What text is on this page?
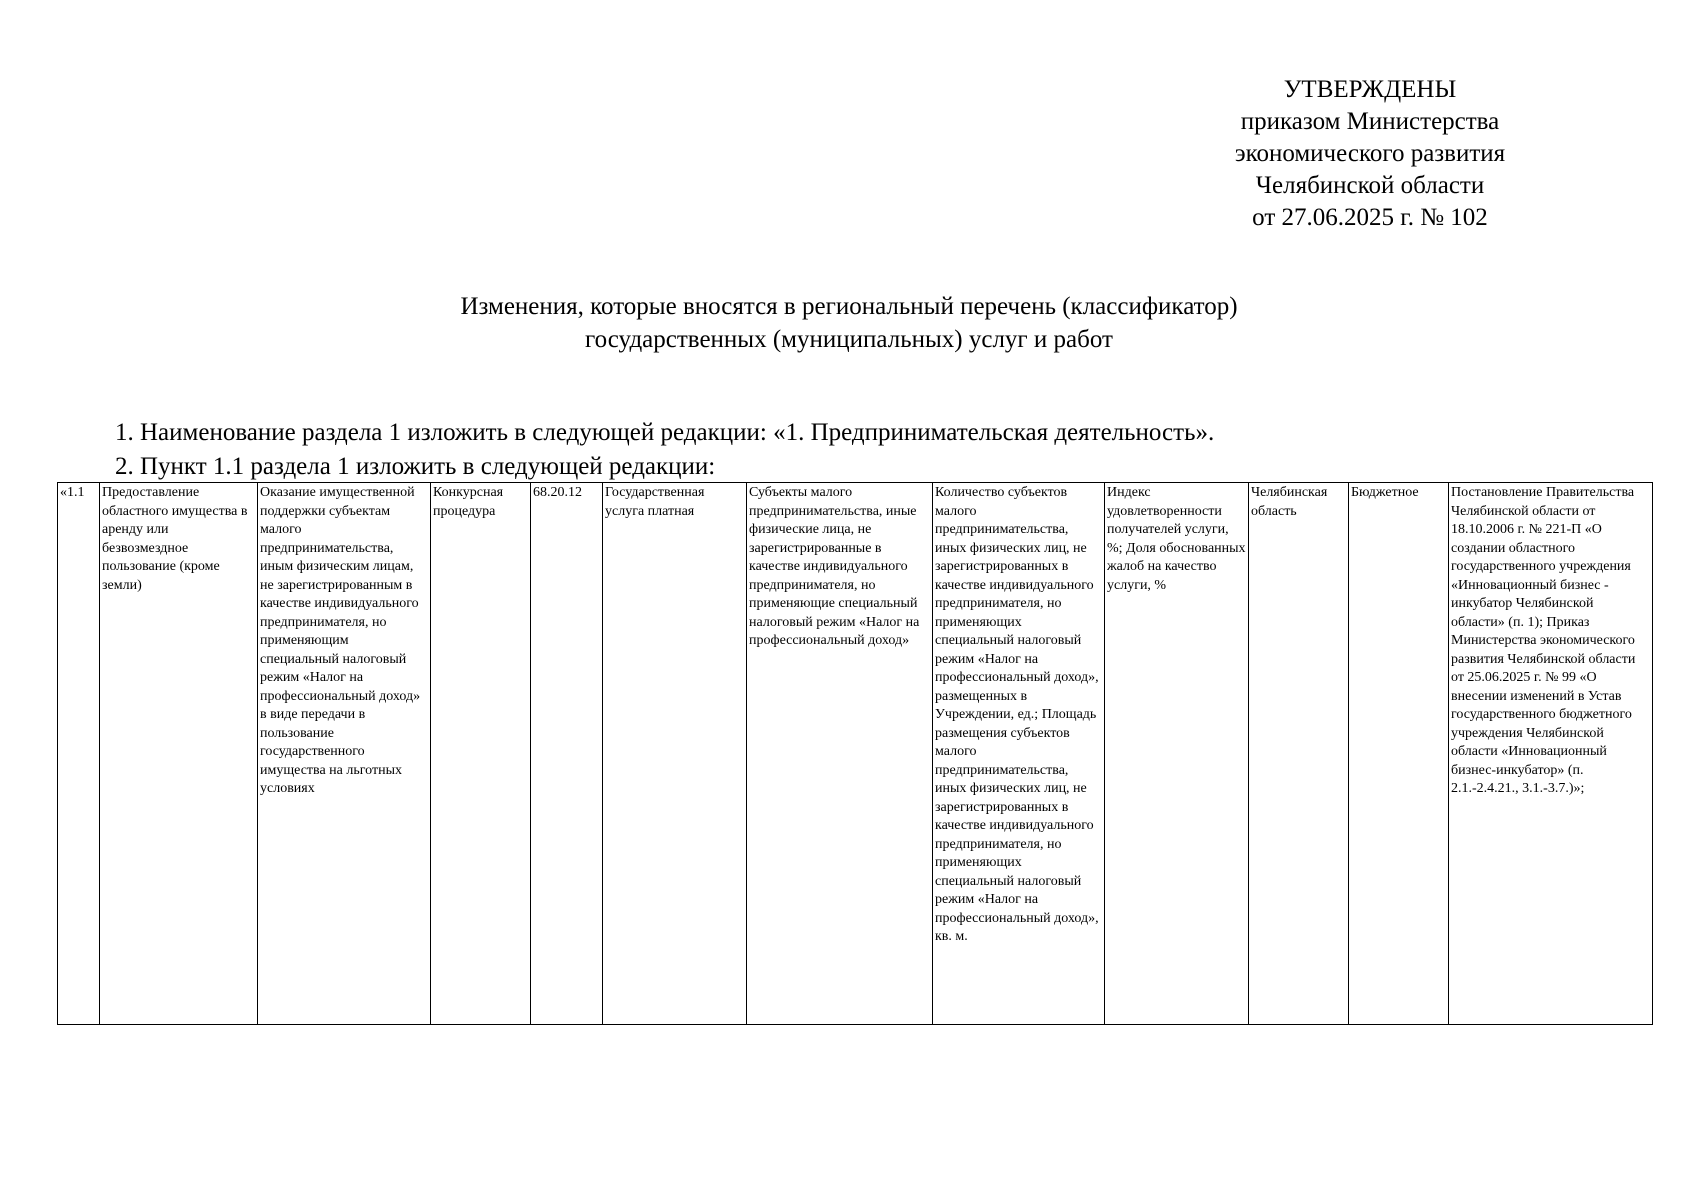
УТВЕРЖДЕНЫ
приказом Министерства
экономического развития
Челябинской области
от 27.06.2025 г. № 102
Изменения, которые вносятся в региональный перечень (классификатор)
государственных (муниципальных) услуг и работ
1. Наименование раздела 1 изложить в следующей редакции: «1. Предпринимательская деятельность».
2. Пункт 1.1 раздела 1 изложить в следующей редакции:
«1.1	Предоставление областного имущества в аренду или безвозмездное пользование (кроме земли)	Оказание имущественной поддержки субъектам малого предпринимательства, иным физическим лицам, не зарегистрированным в качестве индивидуального предпринимателя, но применяющим специальный налоговый режим «Налог на профессиональный доход» в виде передачи в пользование государственного имущества на льготных условиях	Конкурсная процедура	68.20.12	Государственная услуга платная	Субъекты малого предпринимательства, иные физические лица, не зарегистрированные в качестве индивидуального предпринимателя, но применяющие специальный налоговый режим «Налог на профессиональный доход»	Количество субъектов малого предпринимательства, иных физических лиц, не зарегистрированных в качестве индивидуального предпринимателя, но применяющих специальный налоговый режим «Налог на профессиональный доход», размещенных в Учреждении, ед.; Площадь размещения субъектов малого предпринимательства, иных физических лиц, не зарегистрированных в качестве индивидуального предпринимателя, но применяющих специальный налоговый режим «Налог на профессиональный доход», кв. м.	Индекс удовлетворенности получателей услуги, %; Доля обоснованных жалоб на качество услуги, %	Челябинская область	Бюджетное	Постановление Правительства Челябинской области от 18.10.2006 г. № 221-П «О создании областного государственного учреждения «Инновационный бизнес - инкубатор Челябинской области» (п. 1); Приказ Министерства экономического развития Челябинской области от 25.06.2025 г. № 99 «О внесении изменений в Устав государственного бюджетного учреждения Челябинской области «Инновационный бизнес-инкубатор» (п. 2.1.-2.4.21., 3.1.-3.7.)»;
